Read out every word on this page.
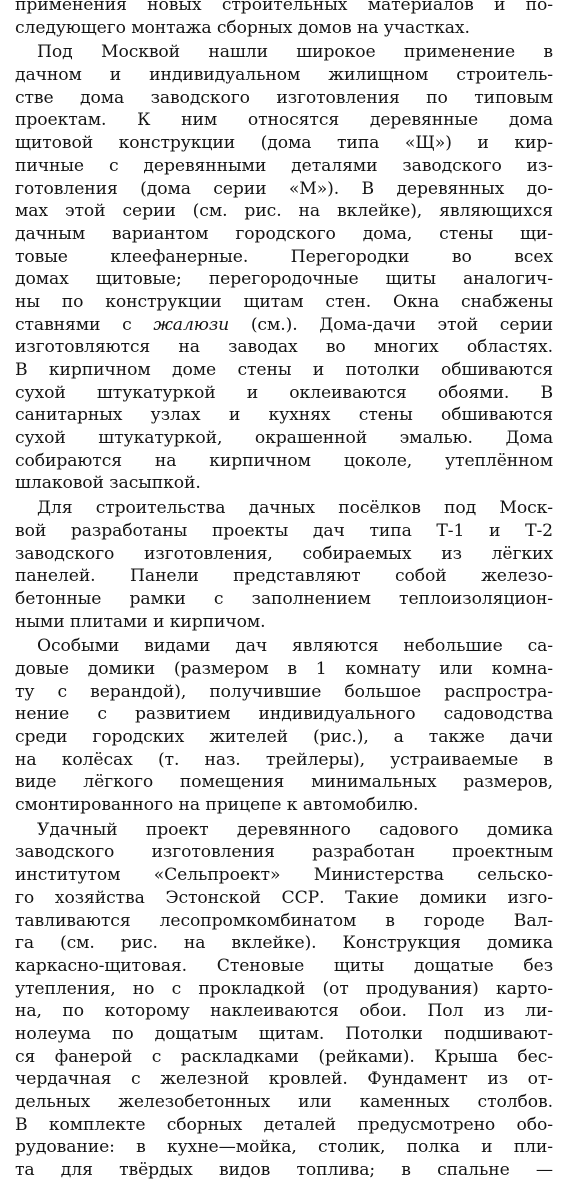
применения новых строительных материалов и по-
следующего монтажа сборных домов на участках.
Под Москвой нашли широкое применение в
дачном и индивидуальном жилищном строитель-
стве дома заводского изготовления по типовым
проектам. К ним относятся деревянные дома
щитовой конструкции (дома типа «Щ») и кир-
пичные с деревянными деталями заводского из-
готовления (дома серии «М»). В деревянных до-
мах этой серии (см. рис. на вклейке), являющихся
дачным вариантом городского дома, стены щи-
товые клеефанерные. Перегородки во всех
домах щитовые; перегородочные щиты аналогич-
ны по конструкции щитам стен. Окна снабжены
ставнями с жалюзи (см.). Дома-дачи этой серии
изготовляются на заводах во многих областях.
В кирпичном доме стены и потолки обшиваются
сухой штукатуркой и оклеиваются обоями. В
санитарных узлах и кухнях стены обшиваются
сухой штукатуркой, окрашенной эмалью. Дома
собираются на кирпичном цоколе, утеплённом
шлаковой засыпкой.
Для строительства дачных посёлков под Моск-
вой разработаны проекты дач типа Т-1 и Т-2
заводского изготовления, собираемых из лёгких
панелей. Панели представляют собой железо-
бетонные рамки с заполнением теплоизоляцион-
ными плитами и кирпичом.
Особыми видами дач являются небольшие са-
довые домики (размером в 1 комнату или комна-
ту с верандой), получившие большое распростра-
нение с развитием индивидуального садоводства
среди городских жителей (рис.), а также дачи
на колёсах (т. наз. трейлеры), устраиваемые в
виде лёгкого помещения минимальных размеров,
смонтированного на прицепе к автомобилю.
Удачный проект деревянного садового домика
заводского изготовления разработан проектным
институтом «Сельпроект» Министерства сельско-
го хозяйства Эстонской ССР. Такие домики изго-
тавливаются лесопромкомбинатом в городе Вал-
га (см. рис. на вклейке). Конструкция домика
каркасно-щитовая. Стеновые щиты дощатые без
утепления, но с прокладкой (от продувания) карто-
на, по которому наклеиваются обои. Пол из ли-
нолеума по дощатым щитам. Потолки подшивают-
ся фанерой с раскладками (рейками). Крыша бес-
чердачная с железной кровлей. Фундамент из от-
дельных железобетонных или каменных столбов.
В комплекте сборных деталей предусмотрено обо-
рудование: в кухне—мойка, столик, полка и пли-
та для твёрдых видов топлива; в спальне —
